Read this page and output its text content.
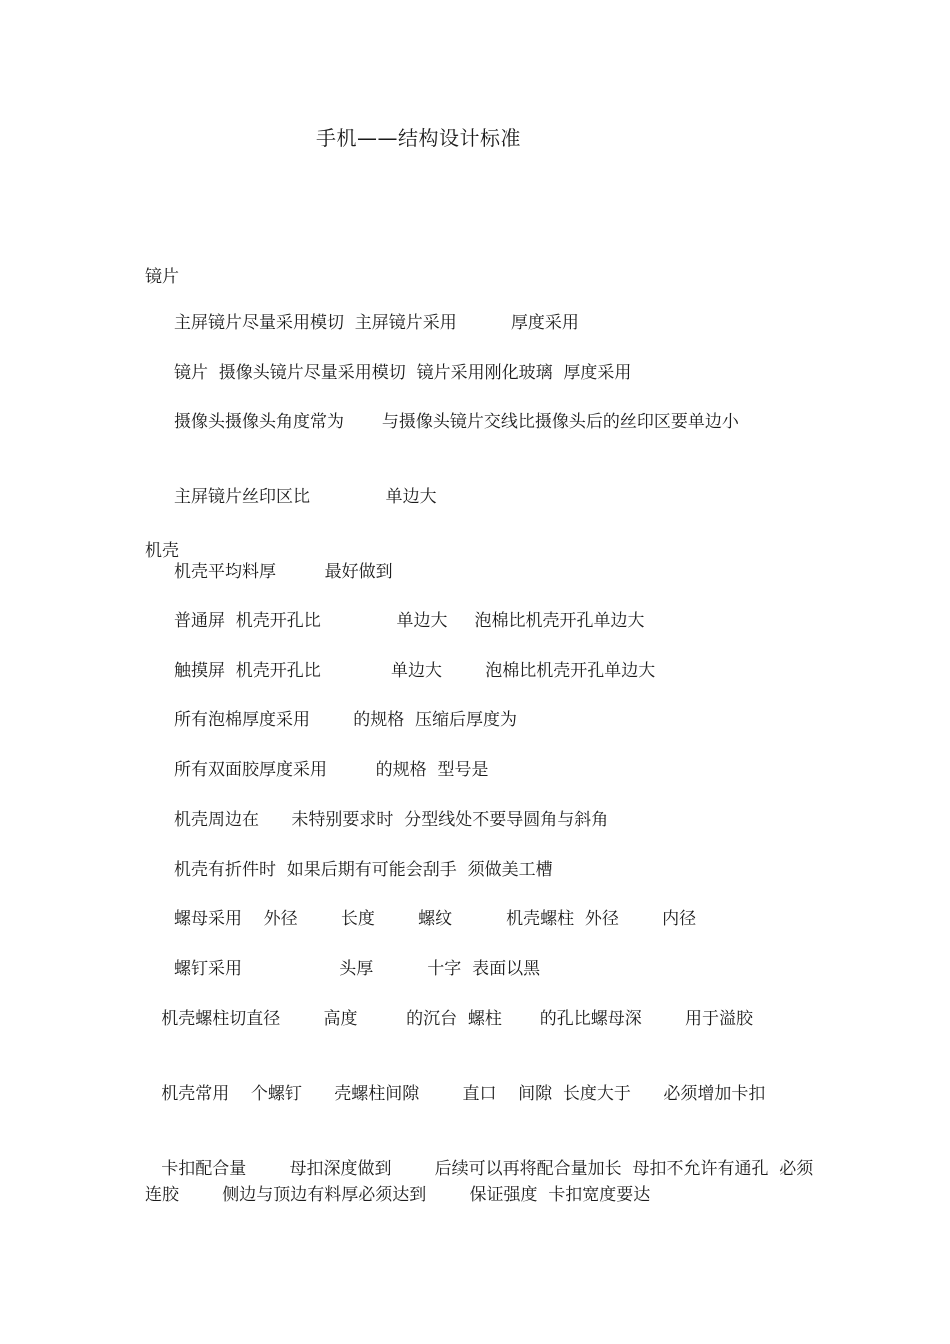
手机——结构设计标准
镜片
主屏镜片尽量采用模切  主屏镜片采用          厚度采用
镜片  摄像头镜片尽量采用模切  镜片采用刚化玻璃  厚度采用
摄像头摄像头角度常为       与摄像头镜片交线比摄像头后的丝印区要单边小
主屏镜片丝印区比              单边大
机壳
机壳平均料厚         最好做到
普通屏  机壳开孔比              单边大     泡棉比机壳开孔单边大
触摸屏  机壳开孔比             单边大        泡棉比机壳开孔单边大
所有泡棉厚度采用        的规格  压缩后厚度为
所有双面胶厚度采用         的规格  型号是
机壳周边在      未特别要求时  分型线处不要导圆角与斜角
机壳有折件时  如果后期有可能会刮手  须做美工槽
螺母采用    外径        长度        螺纹          机壳螺柱  外径        内径
螺钉采用                  头厚          十字  表面以黑
机壳螺柱切直径        高度         的沉台  螺柱       的孔比螺母深        用于溢胶
机壳常用    个螺钉      壳螺柱间隙        直口    间隙  长度大于      必须增加卡扣
卡扣配合量        母扣深度做到        后续可以再将配合量加长  母扣不允许有通孔  必须连胶        侧边与顶边有料厚必须达到        保证强度  卡扣宽度要达
